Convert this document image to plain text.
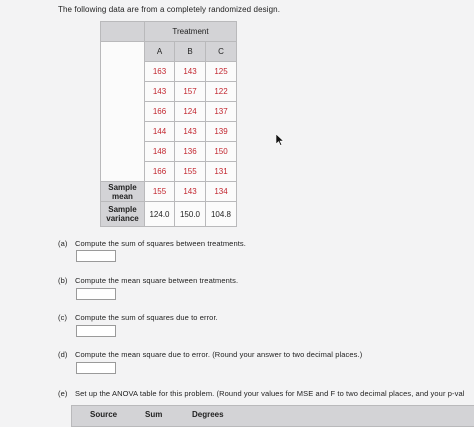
The following data are from a completely randomized design.
	Treatment		
	A	B	C
	163	143	125
	143	157	122
	166	124	137
	144	143	139
	148	136	150
	166	155	131
Sample
mean	155	143	134
Sample
variance	124.0	150.0	104.8
(a) Compute the sum of squares between treatments.
(b) Compute the mean square between treatments.
(c) Compute the sum of squares due to error.
(d) Compute the mean square due to error. (Round your answer to two decimal places.)
(e) Set up the ANOVA table for this problem. (Round your values for MSE and F to two decimal places, and your p-val
Source	Sum	Degrees
